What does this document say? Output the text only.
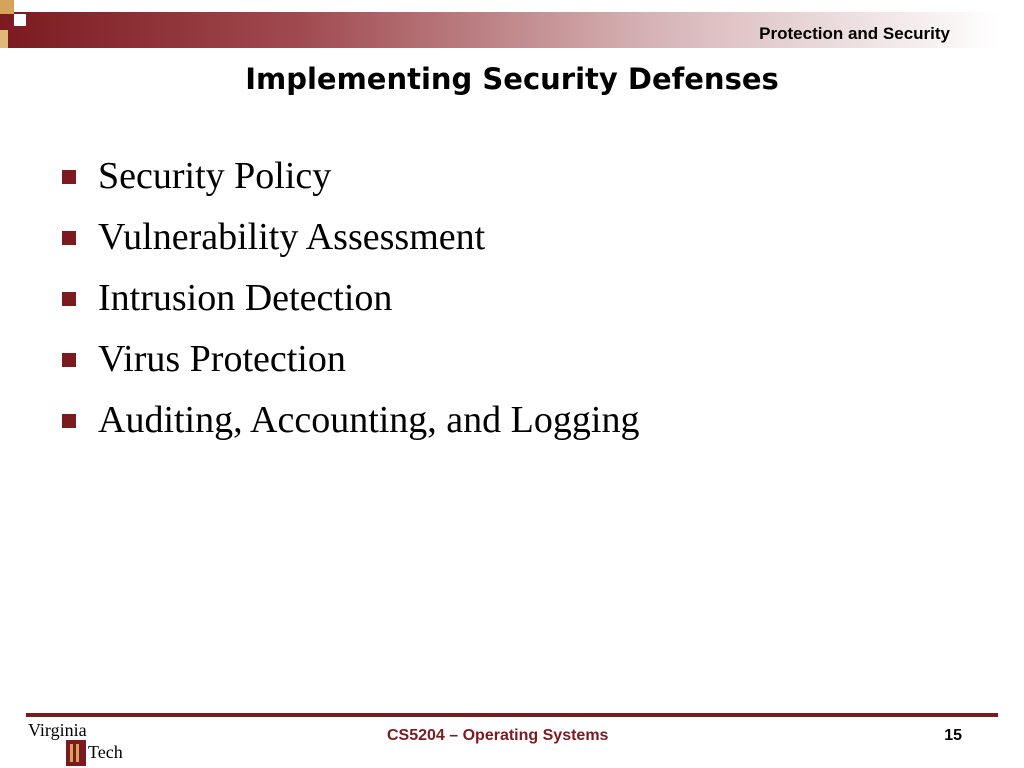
Protection and Security
Implementing Security Defenses
Security Policy
Vulnerability Assessment
Intrusion Detection
Virus Protection
Auditing, Accounting, and Logging
Virginia
Tech
CS5204 – Operating Systems	15
